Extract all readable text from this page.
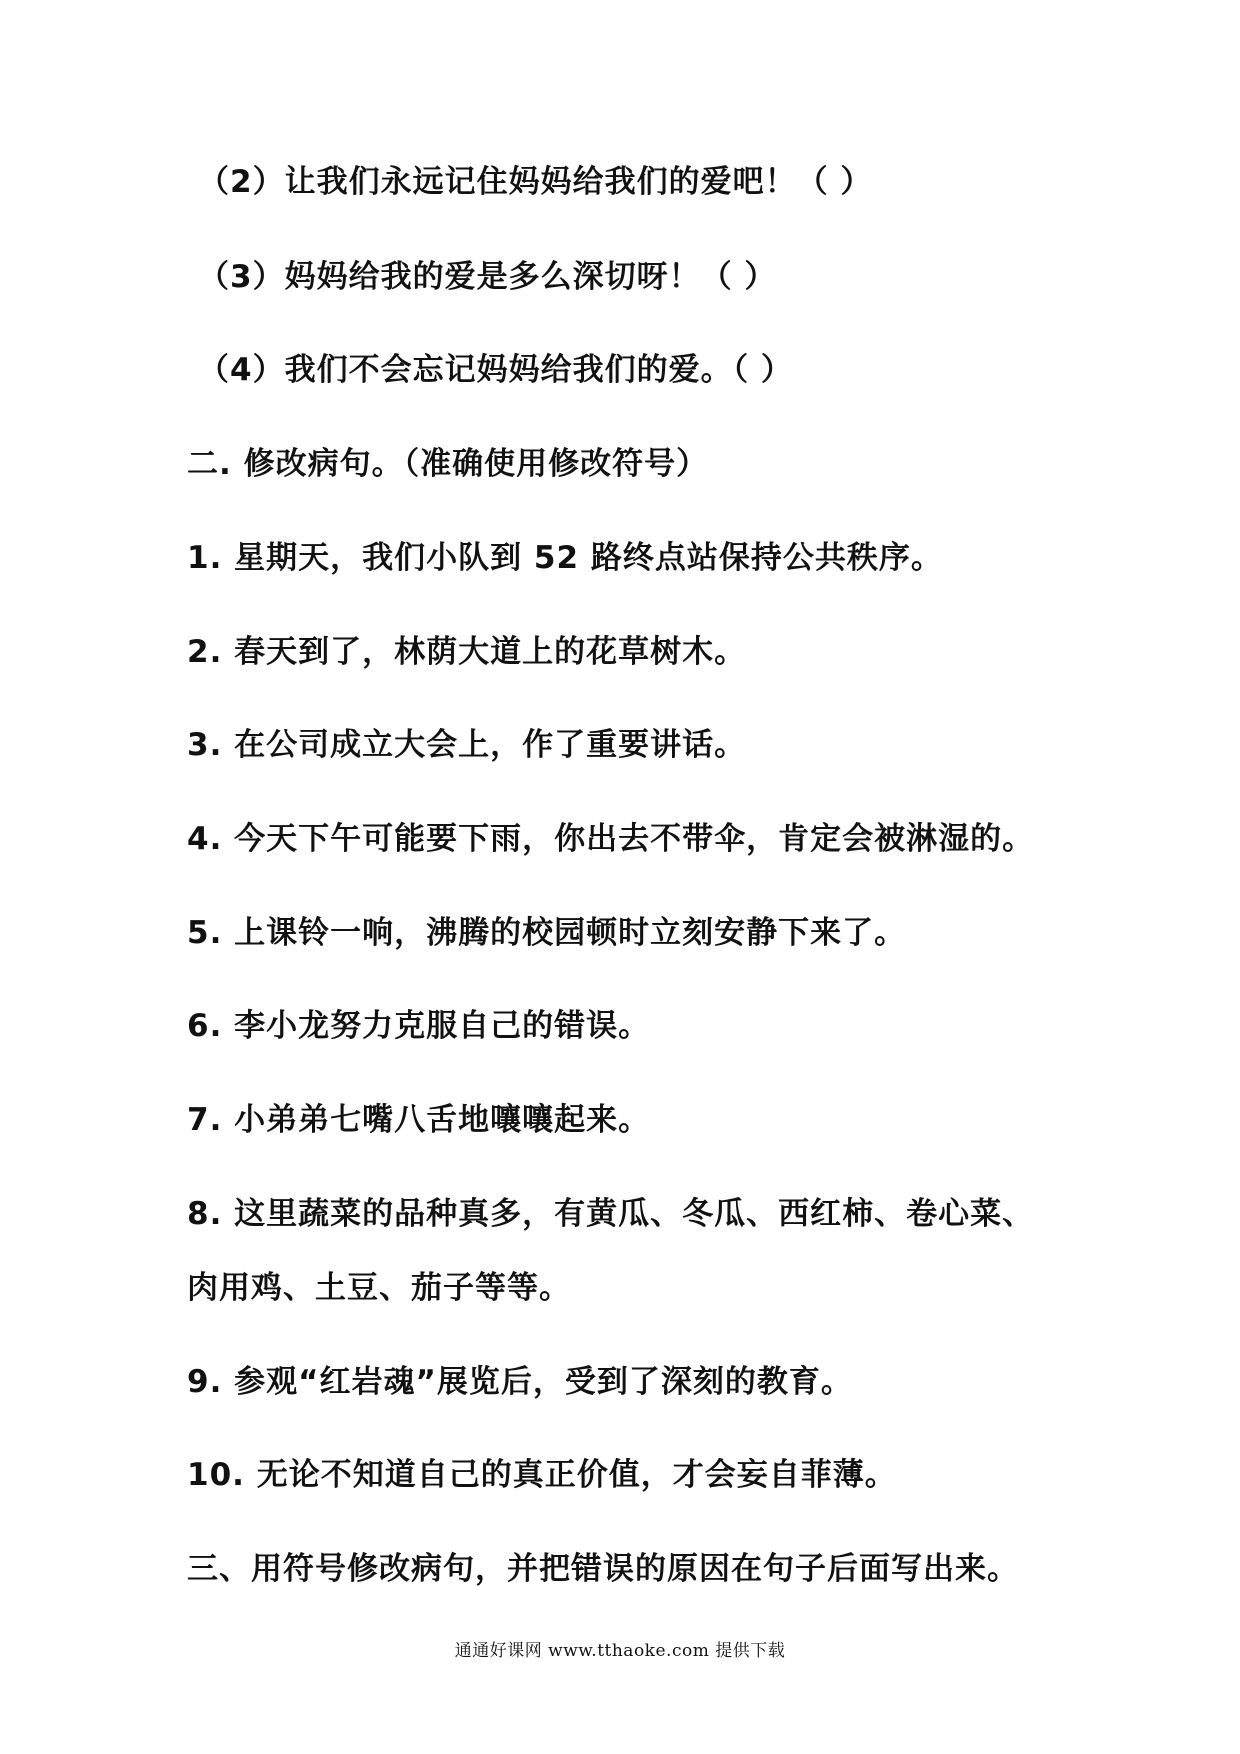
（2）让我们永远记住妈妈给我们的爱吧！（ ）
（3）妈妈给我的爱是多么深切呀！（ ）
（4）我们不会忘记妈妈给我们的爱。（ ）
二. 修改病句。（准确使用修改符号）
1. 星期天，我们小队到 52 路终点站保持公共秩序。
2. 春天到了，林荫大道上的花草树木。
3. 在公司成立大会上，作了重要讲话。
4. 今天下午可能要下雨，你出去不带伞，肯定会被淋湿的。
5. 上课铃一响，沸腾的校园顿时立刻安静下来了。
6. 李小龙努力克服自己的错误。
7. 小弟弟七嘴八舌地嚷嚷起来。
8. 这里蔬菜的品种真多，有黄瓜、冬瓜、西红柿、卷心菜、
肉用鸡、土豆、茄子等等。
9. 参观“红岩魂”展览后，受到了深刻的教育。
10. 无论不知道自己的真正价值，才会妄自菲薄。
三、用符号修改病句，并把错误的原因在句子后面写出来。
通通好课网 www.tthaoke.com 提供下载
